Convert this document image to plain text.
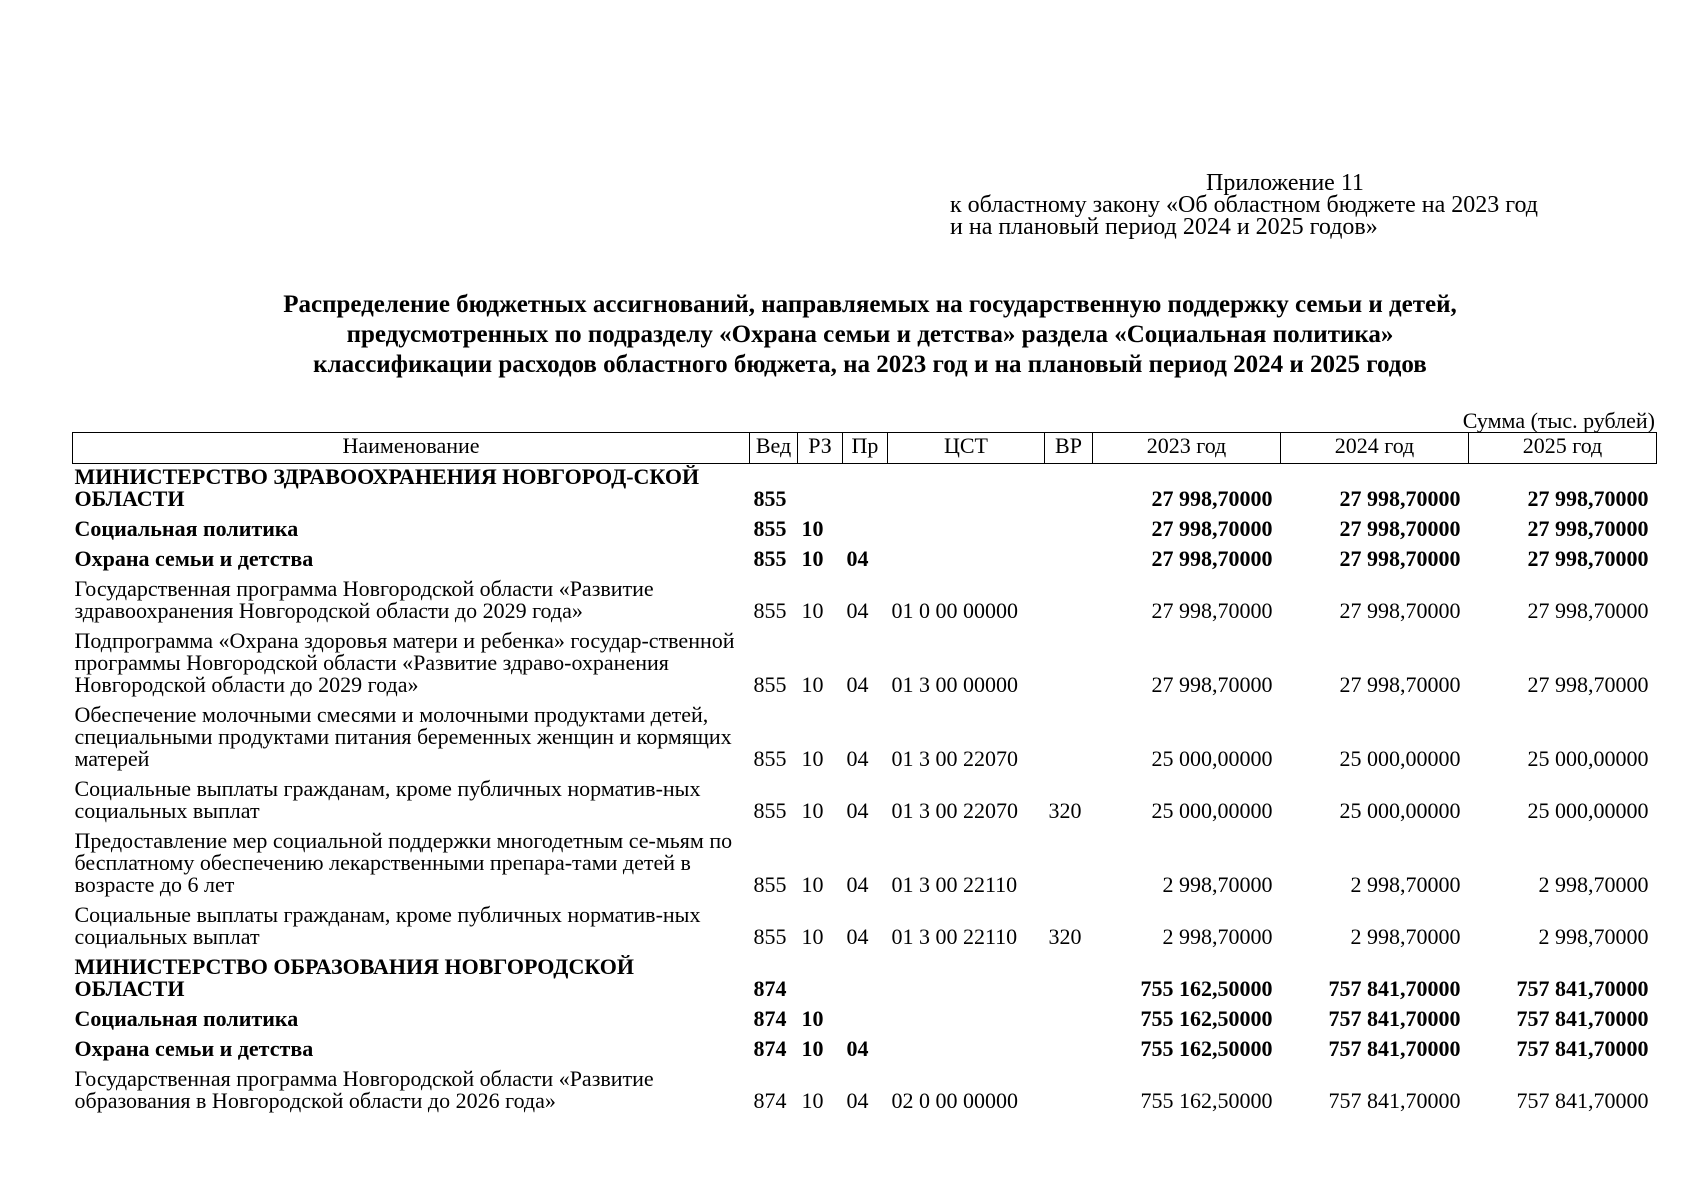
Приложение 11
к областному закону «Об областном бюджете на 2023 год
и на плановый период 2024 и 2025 годов»
Распределение бюджетных ассигнований, направляемых на государственную поддержку семьи и детей,
предусмотренных по подразделу «Охрана семьи и детства» раздела «Социальная политика»
классификации расходов областного бюджета, на 2023 год и на плановый период 2024 и 2025 годов
Сумма (тыс. рублей)
Наименование	Вед	РЗ	Пр	ЦСТ	ВР	2023 год	2024 год	2025 год
МИНИСТЕРСТВО ЗДРАВООХРАНЕНИЯ НОВГОРОД-СКОЙ ОБЛАСТИ	855					27 998,70000	27 998,70000	27 998,70000
Социальная политика	855	10				27 998,70000	27 998,70000	27 998,70000
Охрана семьи и детства	855	10	04			27 998,70000	27 998,70000	27 998,70000
Государственная программа Новгородской области «Развитие здравоохранения Новгородской области до 2029 года»	855	10	04	01 0 00 00000		27 998,70000	27 998,70000	27 998,70000
Подпрограмма «Охрана здоровья матери и ребенка» государ-ственной программы Новгородской области «Развитие здраво-охранения Новгородской области до 2029 года»	855	10	04	01 3 00 00000		27 998,70000	27 998,70000	27 998,70000
Обеспечение молочными смесями и молочными продуктами детей, специальными продуктами питания беременных женщин и кормящих матерей	855	10	04	01 3 00 22070		25 000,00000	25 000,00000	25 000,00000
Социальные выплаты гражданам, кроме публичных норматив-ных социальных выплат	855	10	04	01 3 00 22070	320	25 000,00000	25 000,00000	25 000,00000
Предоставление мер социальной поддержки многодетным се-мьям по бесплатному обеспечению лекарственными препара-тами детей в возрасте до 6 лет	855	10	04	01 3 00 22110		2 998,70000	2 998,70000	2 998,70000
Социальные выплаты гражданам, кроме публичных норматив-ных социальных выплат	855	10	04	01 3 00 22110	320	2 998,70000	2 998,70000	2 998,70000
МИНИСТЕРСТВО ОБРАЗОВАНИЯ НОВГОРОДСКОЙ ОБЛАСТИ	874					755 162,50000	757 841,70000	757 841,70000
Социальная политика	874	10				755 162,50000	757 841,70000	757 841,70000
Охрана семьи и детства	874	10	04			755 162,50000	757 841,70000	757 841,70000
Государственная программа Новгородской области «Развитие образования в Новгородской области до 2026 года»	874	10	04	02 0 00 00000		755 162,50000	757 841,70000	757 841,70000
